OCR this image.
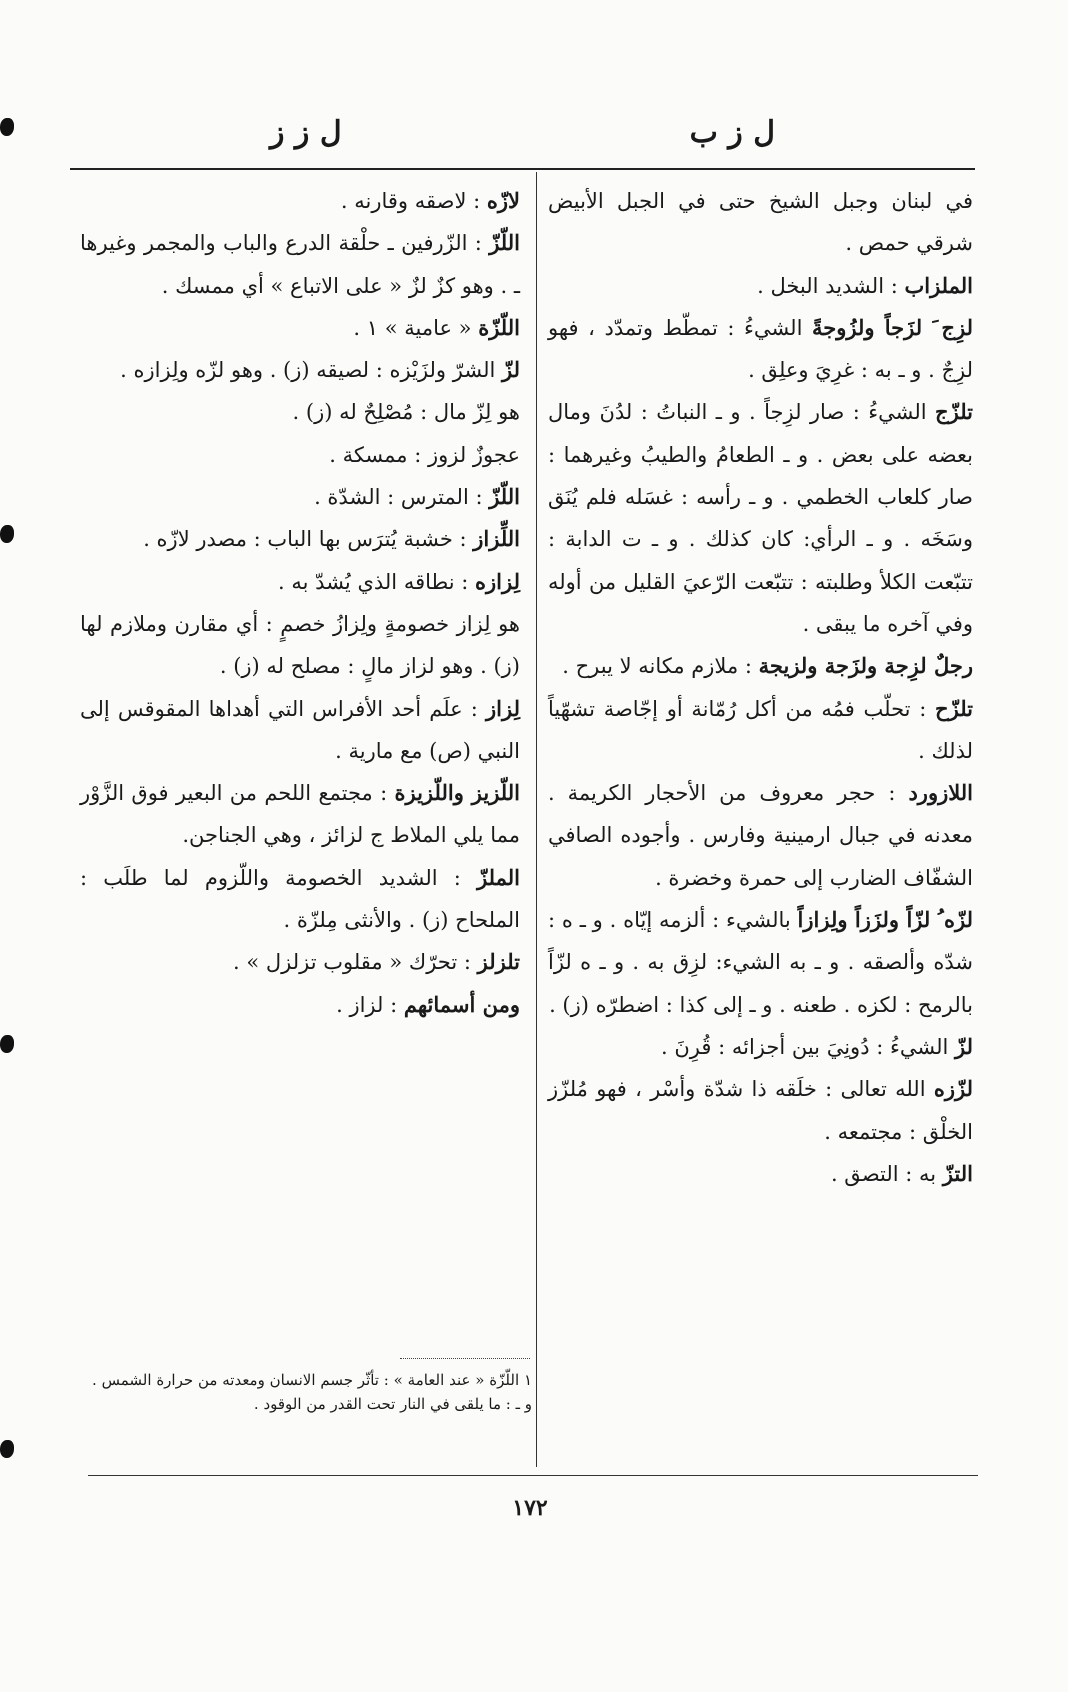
ل ز ز	ل ز ب

في لبنان وجبل الشيخ حتى في الجبل الأبيض شرقي حمص .

الملزاب : الشديد البخل .

لزِج َ لزَجاً ولزُوجةً الشيءُ : تمطّط وتمدّد ، فهو لزِجٌ . و ـ به : غرِيَ وعلِق .

تلزّج الشيءُ : صار لزِجاً . و ـ النباتُ : لدُنَ ومال بعضه على بعض . و ـ الطعامُ والطيبُ وغيرهما : صار كلعاب الخطمي . و ـ رأسه : غسَله فلم يُنَق وسَخَه . و ـ الرأي: كان كذلك . و ـ ت الدابة : تتبّعت الكلأ وطلبته : تتبّعت الرّعيَ القليل من أوله وفي آخره ما يبقى .

رجلٌ لزِجة ولزَجة ولزيجة : ملازم مكانه لا يبرح .

تلزّح : تحلّب فمُه من أكل رُمّانة أو إجّاصة تشهّياً لذلك .

اللازورد : حجر معروف من الأحجار الكريمة . معدنه في جبال ارمينية وفارس . وأجوده الصافي الشفّاف الضارب إلى حمرة وخضرة .

لزّه ُ لزّاً ولزَزاً ولِزازاً بالشيء : ألزمه إيّاه . و ـ ه : شدّه وألصقه . و ـ به الشيء: لزِق به . و ـ ه لزّاً بالرمح : لكزه . طعنه . و ـ إلى كذا : اضطرّه (ز) .

لزّ الشيءُ : دُونِيَ بين أجزائه : قُرِنَ .

لزّزه الله تعالى : خلَقه ذا شدّة وأسْر ، فهو مُلزّز الخلْق : مجتمعه .

التزّ به : التصق .

لازّه : لاصقه وقارنه .

اللّزّ : الزّرفين ـ حلْقة الدرع والباب والمجمر وغيرها ـ . وهو كزٌ لزٌ « على الاتباع » أي ممسك .

اللّزّة « عامية » ١ .

لزّ الشرّ ولزَيْزه : لصيقه (ز) . وهو لزّه ولِزازه .

هو لِزّ مال : مُصْلِحٌ له (ز) .

عجوزٌ لزوز : ممسكة .

اللّزّ : المترس : الشدّة .

اللِّزاز : خشبة يُترَس بها الباب : مصدر لازّه .

لِزازه : نطاقه الذي يُشدّ به .

هو لِزاز خصومةٍ ولِزازُ خصمٍ : أي مقارن وملازم لها (ز) . وهو لزاز مالٍ : مصلح له (ز) .

لِزاز : علَم أحد الأفراس التي أهداها المقوقس إلى النبي (ص) مع مارية .

اللّزيز واللّزيزة : مجتمع اللحم من البعير فوق الزَّوْر مما يلي الملاط ج لزائز ، وهي الجناجن.

الملزّ : الشديد الخصومة واللّزوم لما طلَب : الملحاح (ز) . والأنثى مِلزّة .

تلزلز : تحرّك « مقلوب تزلزل » .

ومن أسمائهم : لزاز .

١ اللّزّة « عند العامة » : تأثّر جسم الانسان ومعدته من حرارة الشمس . و ـ : ما يلقى في النار تحت القدر من الوقود .
١٧٢
